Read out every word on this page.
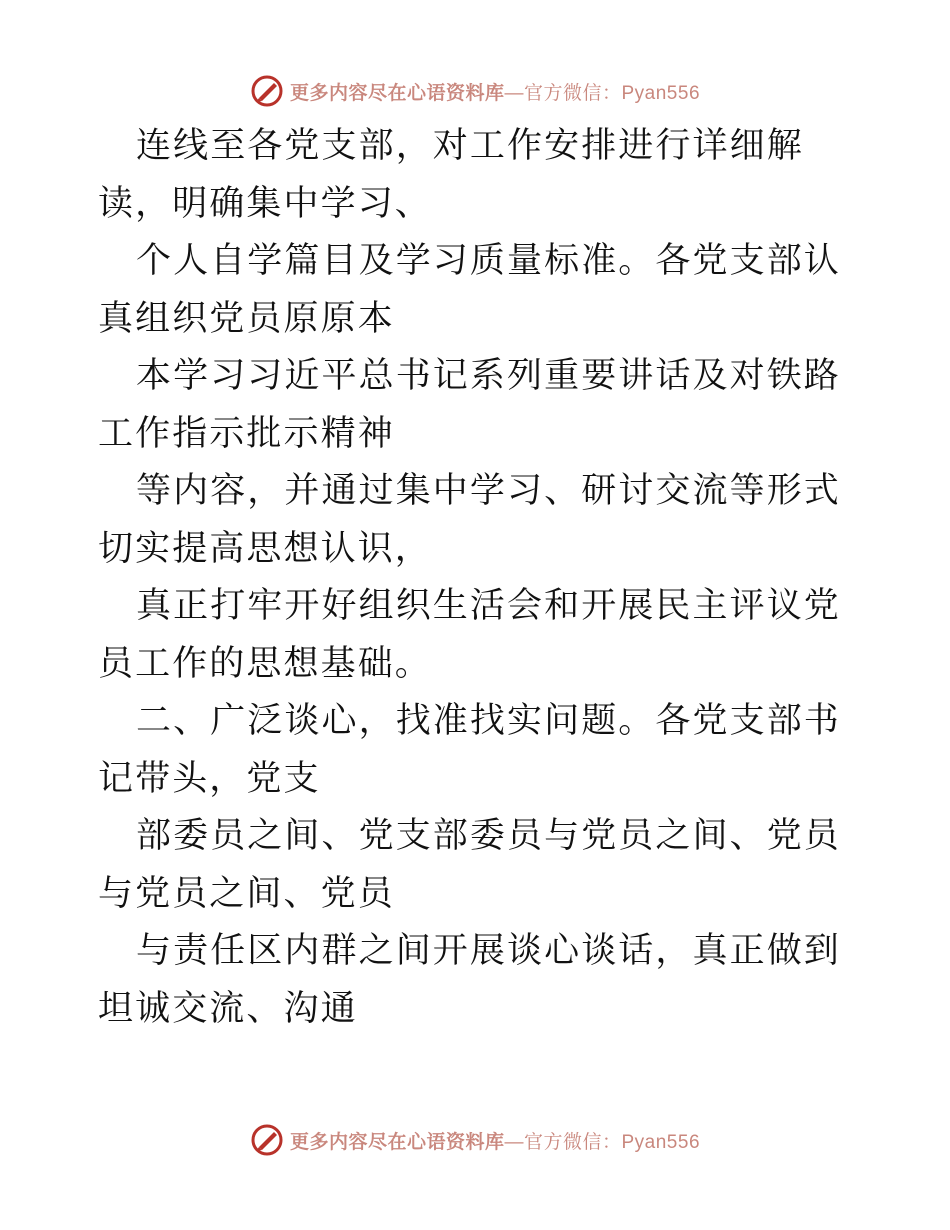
更多内容尽在心语资料库—官方微信：Pyan556

连线至各党支部，对工作安排进行详细解读，明确集中学习、

个人自学篇目及学习质量标准。各党支部认真组织党员原原本

本学习习近平总书记系列重要讲话及对铁路工作指示批示精神

等内容，并通过集中学习、研讨交流等形式切实提高思想认识，

真正打牢开好组织生活会和开展民主评议党员工作的思想基础。

二、广泛谈心，找准找实问题。各党支部书记带头，党支

部委员之间、党支部委员与党员之间、党员与党员之间、党员

与责任区内群之间开展谈心谈话，真正做到坦诚交流、沟通

更多内容尽在心语资料库—官方微信：Pyan556
